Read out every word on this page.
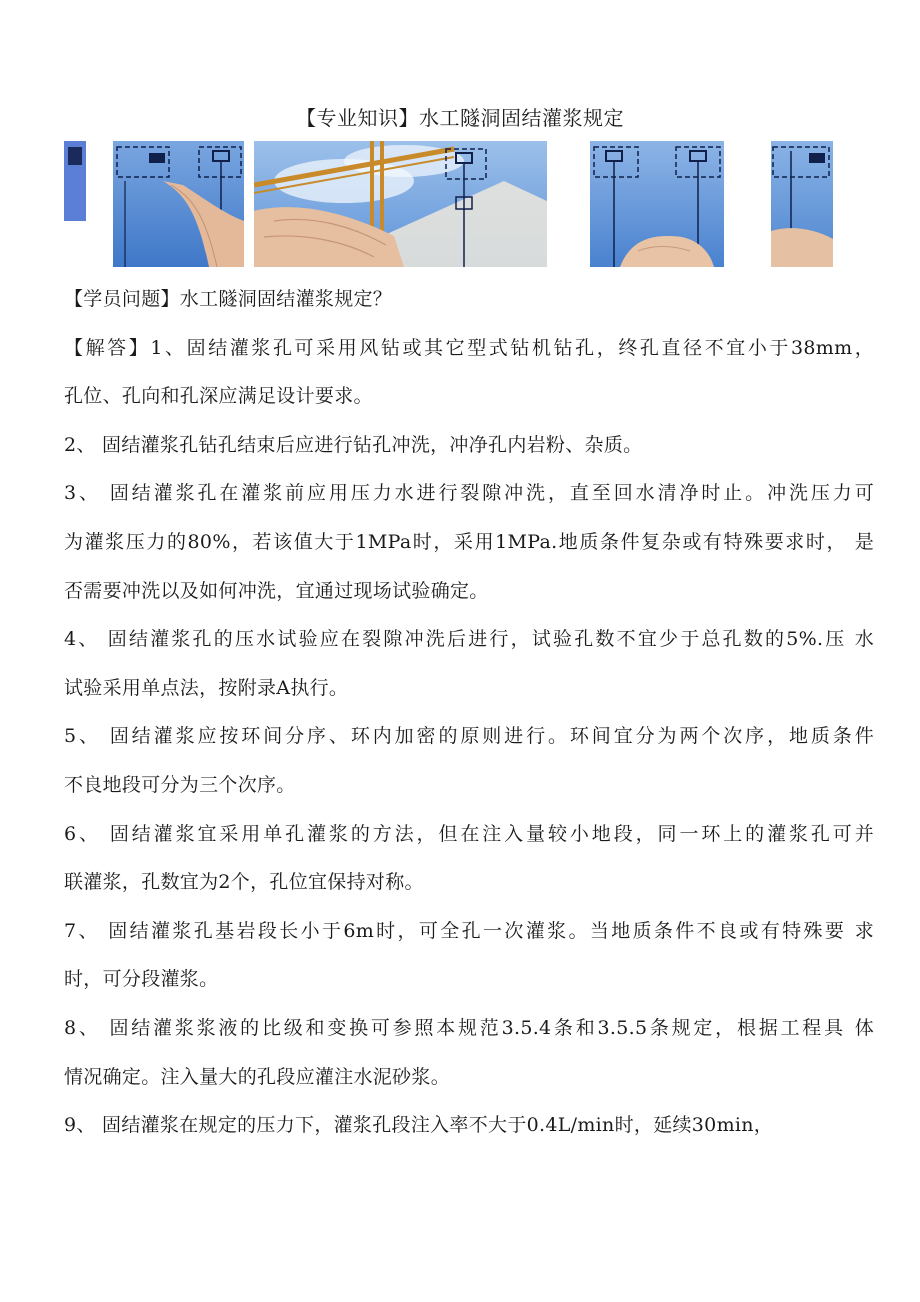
【专业知识】水工隧洞固结灌浆规定
【学员问题】水工隧洞固结灌浆规定？
【解答】1、固结灌浆孔可采用风钻或其它型式钻机钻孔，终孔直径不宜小于38mm，
孔位、孔向和孔深应满足设计要求。
2、 固结灌浆孔钻孔结束后应进行钻孔冲洗，冲净孔内岩粉、杂质。
3、 固结灌浆孔在灌浆前应用压力水进行裂隙冲洗，直至回水清净时止。冲洗压力可
为灌浆压力的80%，若该值大于1MPa时，采用1MPa.地质条件复杂或有特殊要求时， 是
否需要冲洗以及如何冲洗，宜通过现场试验确定。
4、 固结灌浆孔的压水试验应在裂隙冲洗后进行，试验孔数不宜少于总孔数的5%.压 水
试验采用单点法，按附录A执行。
5、 固结灌浆应按环间分序、环内加密的原则进行。环间宜分为两个次序，地质条件
不良地段可分为三个次序。
6、 固结灌浆宜采用单孔灌浆的方法，但在注入量较小地段，同一环上的灌浆孔可并
联灌浆，孔数宜为2个，孔位宜保持对称。
7、 固结灌浆孔基岩段长小于6m时，可全孔一次灌浆。当地质条件不良或有特殊要 求
时，可分段灌浆。
8、 固结灌浆浆液的比级和变换可参照本规范3.5.4条和3.5.5条规定，根据工程具 体
情况确定。注入量大的孔段应灌注水泥砂浆。
9、 固结灌浆在规定的压力下，灌浆孔段注入率不大于0.4L/min时，延续30min，
